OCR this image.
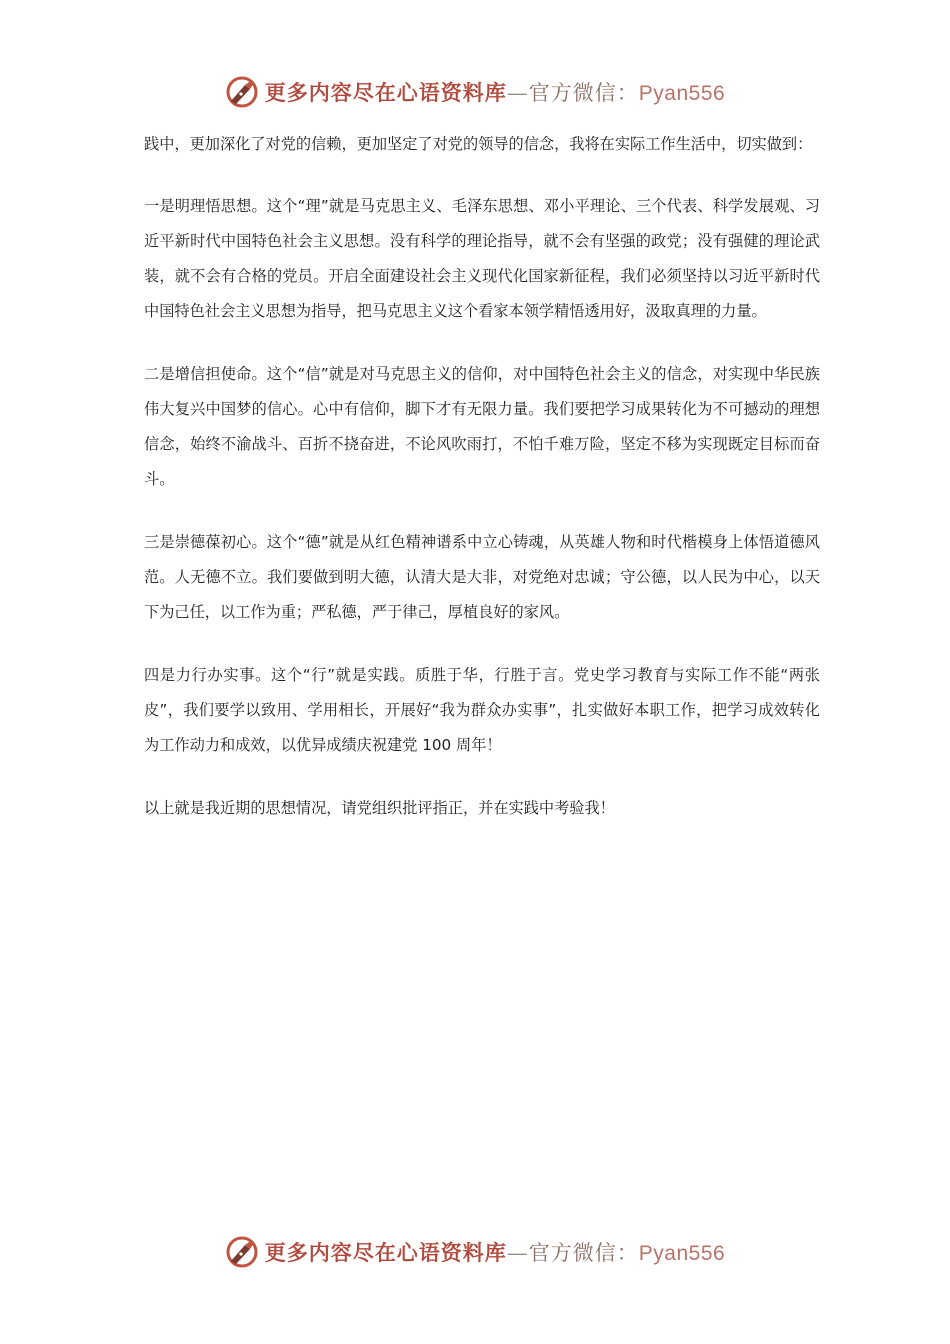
更多内容尽在心语资料库—官方微信：Pyan556

践中，更加深化了对党的信赖，更加坚定了对党的领导的信念，我将在实际工作生活中，切实做到：

一是明理悟思想。这个“理”就是马克思主义、毛泽东思想、邓小平理论、三个代表、科学发展观、习近平新时代中国特色社会主义思想。没有科学的理论指导，就不会有坚强的政党；没有强健的理论武装，就不会有合格的党员。开启全面建设社会主义现代化国家新征程，我们必须坚持以习近平新时代中国特色社会主义思想为指导，把马克思主义这个看家本领学精悟透用好，汲取真理的力量。

二是增信担使命。这个“信”就是对马克思主义的信仰，对中国特色社会主义的信念，对实现中华民族伟大复兴中国梦的信心。心中有信仰，脚下才有无限力量。我们要把学习成果转化为不可撼动的理想信念，始终不渝战斗、百折不挠奋进，不论风吹雨打，不怕千难万险，坚定不移为实现既定目标而奋斗。

三是崇德葆初心。这个“德”就是从红色精神谱系中立心铸魂，从英雄人物和时代楷模身上体悟道德风范。人无德不立。我们要做到明大德，认清大是大非，对党绝对忠诚；守公德，以人民为中心，以天下为己任，以工作为重；严私德，严于律己，厚植良好的家风。

四是力行办实事。这个“行”就是实践。质胜于华，行胜于言。党史学习教育与实际工作不能“两张皮”，我们要学以致用、学用相长，开展好“我为群众办实事”，扎实做好本职工作，把学习成效转化为工作动力和成效，以优异成绩庆祝建党 100 周年！

以上就是我近期的思想情况，请党组织批评指正，并在实践中考验我！

更多内容尽在心语资料库—官方微信：Pyan556
